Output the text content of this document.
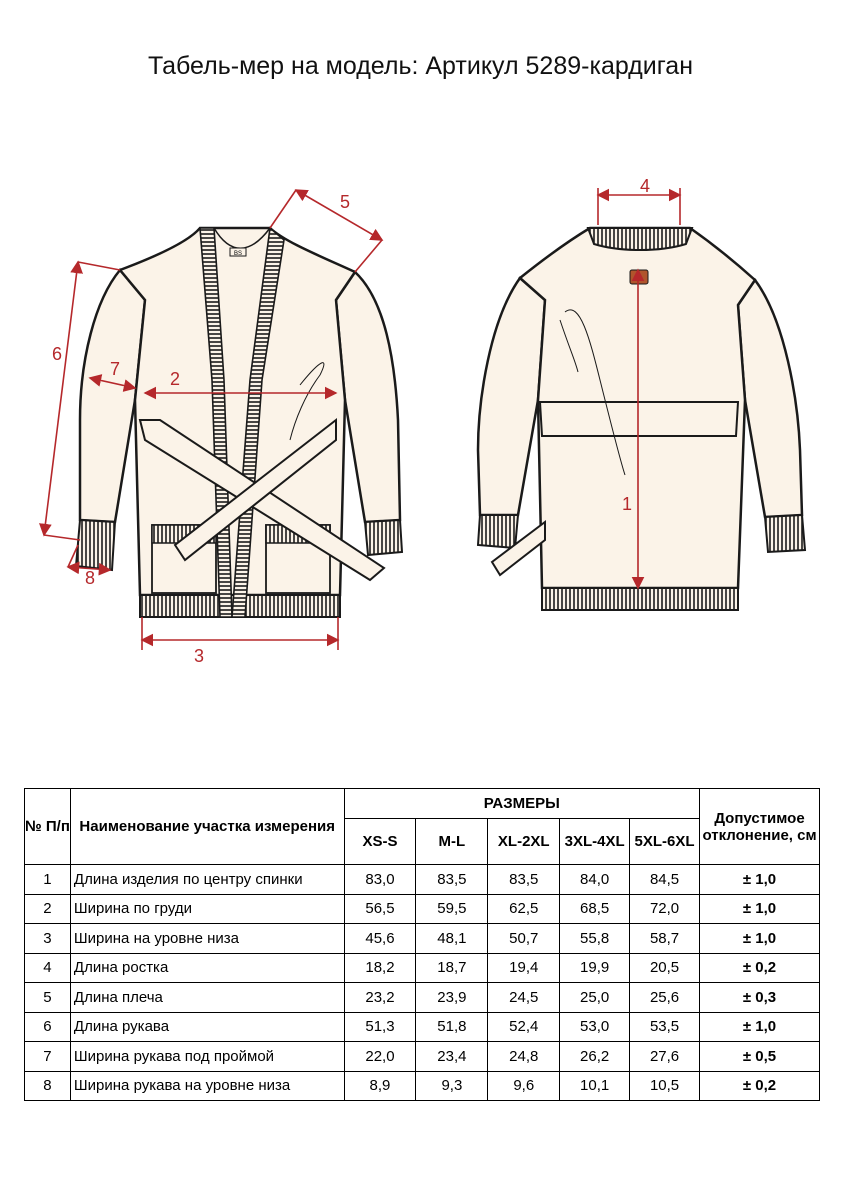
Табель-мер на модель: Артикул 5289-кардиган
BS
1
2
3
4
5
6
7
8
№ П/п	Наименование участка измерения	РАЗМЕРЫ					Допустимое отклонение, см
		XS-S	M-L	XL-2XL	3XL-4XL	5XL-6XL	
1	Длина изделия по центру спинки	83,0	83,5	83,5	84,0	84,5	± 1,0
2	Ширина по груди	56,5	59,5	62,5	68,5	72,0	± 1,0
3	Ширина на уровне низа	45,6	48,1	50,7	55,8	58,7	± 1,0
4	Длина ростка	18,2	18,7	19,4	19,9	20,5	± 0,2
5	Длина плеча	23,2	23,9	24,5	25,0	25,6	± 0,3
6	Длина рукава	51,3	51,8	52,4	53,0	53,5	± 1,0
7	Ширина рукава под проймой	22,0	23,4	24,8	26,2	27,6	± 0,5
8	Ширина рукава на уровне низа	8,9	9,3	9,6	10,1	10,5	± 0,2
